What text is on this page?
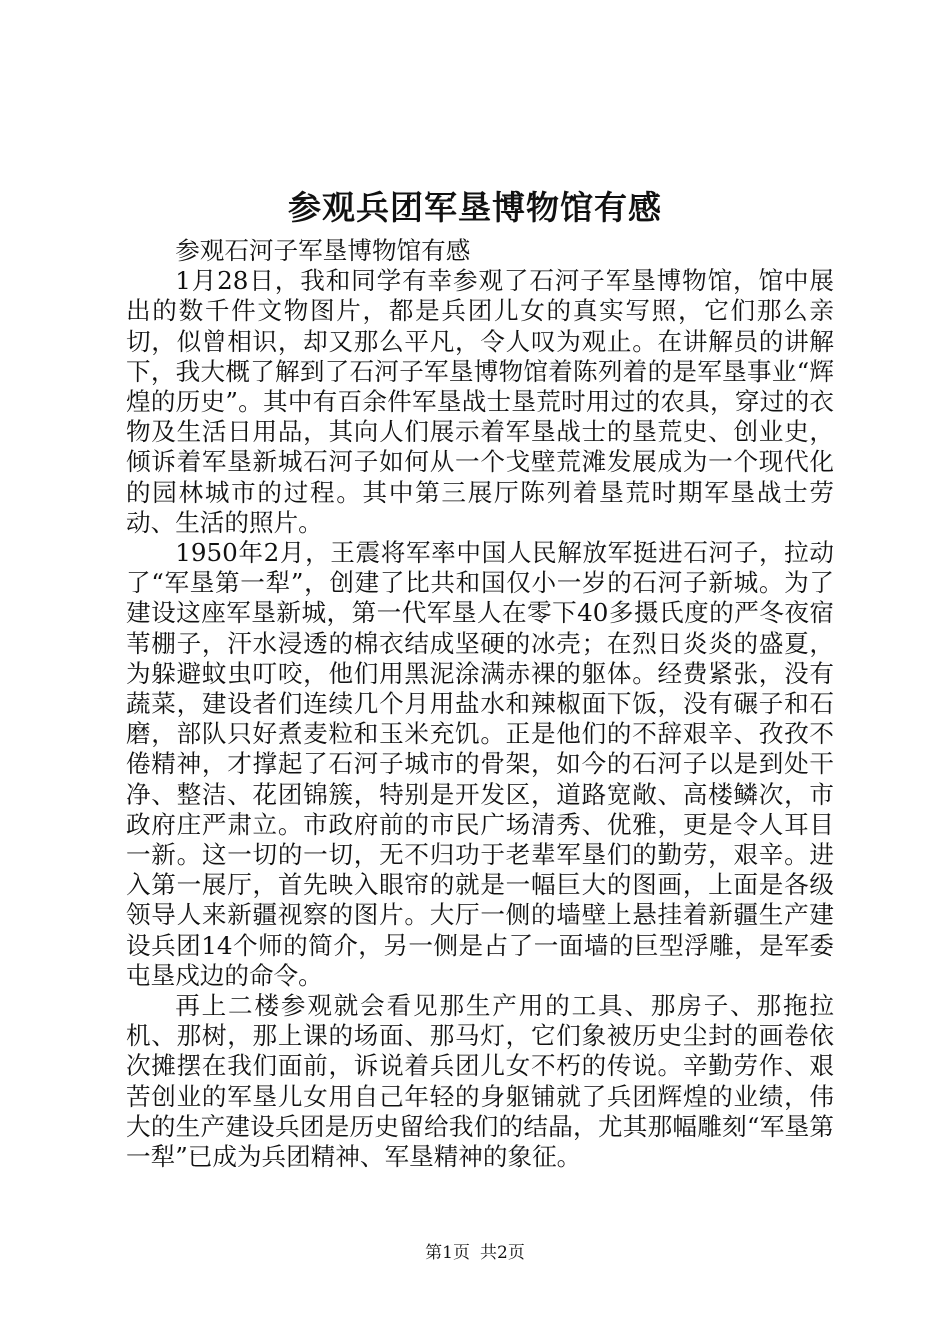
参观兵团军垦博物馆有感

参观石河子军垦博物馆有感

1月28日，我和同学有幸参观了石河子军垦博物馆，馆中展出的数千件文物图片，都是兵团儿女的真实写照，它们那么亲切，似曾相识，却又那么平凡，令人叹为观止。在讲解员的讲解下，我大概了解到了石河子军垦博物馆着陈列着的是军垦事业“辉煌的历史”。其中有百余件军垦战士垦荒时用过的农具，穿过的衣物及生活日用品，其向人们展示着军垦战士的垦荒史、创业史，倾诉着军垦新城石河子如何从一个戈壁荒滩发展成为一个现代化的园林城市的过程。其中第三展厅陈列着垦荒时期军垦战士劳动、生活的照片。

1950年2月，王震将军率中国人民解放军挺进石河子，拉动了“军垦第一犁”，创建了比共和国仅小一岁的石河子新城。为了建设这座军垦新城，第一代军垦人在零下40多摄氏度的严冬夜宿苇棚子，汗水浸透的棉衣结成坚硬的冰壳；在烈日炎炎的盛夏，为躲避蚊虫叮咬，他们用黑泥涂满赤裸的躯体。经费紧张，没有蔬菜，建设者们连续几个月用盐水和辣椒面下饭，没有碾子和石磨，部队只好煮麦粒和玉米充饥。正是他们的不辞艰辛、孜孜不倦精神，才撑起了石河子城市的骨架，如今的石河子以是到处干净、整洁、花团锦簇，特别是开发区，道路宽敞、高楼鳞次，市政府庄严肃立。市政府前的市民广场清秀、优雅，更是令人耳目一新。这一切的一切，无不归功于老辈军垦们的勤劳，艰辛。进入第一展厅，首先映入眼帘的就是一幅巨大的图画，上面是各级领导人来新疆视察的图片。大厅一侧的墙壁上悬挂着新疆生产建设兵团14个师的简介，另一侧是占了一面墙的巨型浮雕，是军委屯垦戍边的命令。

再上二楼参观就会看见那生产用的工具、那房子、那拖拉机、那树，那上课的场面、那马灯，它们象被历史尘封的画卷依次摊摆在我们面前，诉说着兵团儿女不朽的传说。辛勤劳作、艰苦创业的军垦儿女用自己年轻的身躯铺就了兵团辉煌的业绩，伟大的生产建设兵团是历史留给我们的结晶，尤其那幅雕刻“军垦第一犁”已成为兵团精神、军垦精神的象征。

第1页 共2页
